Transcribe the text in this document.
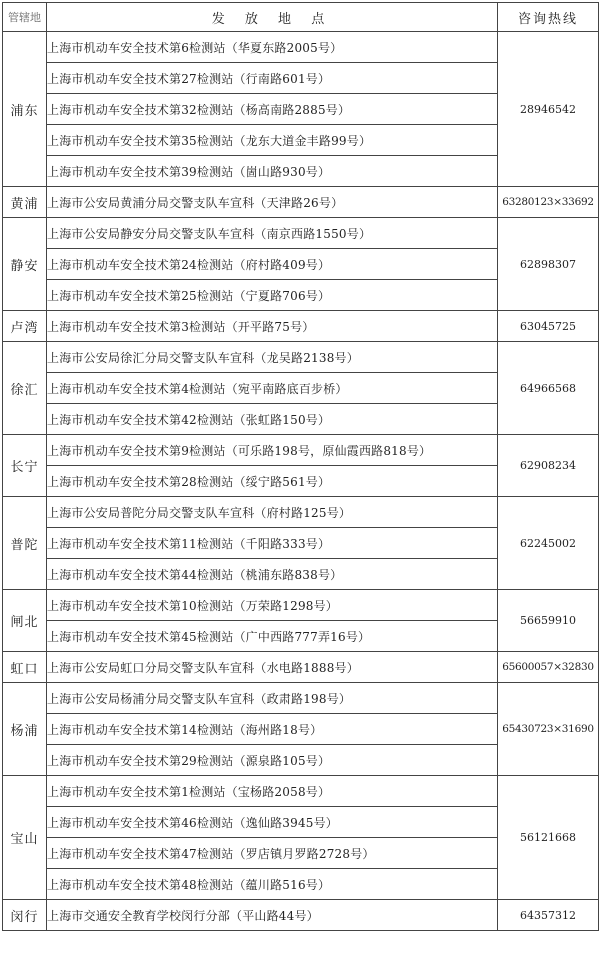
管辖地	发 放 地 点	咨询热线
浦东	上海市机动车安全技术第6检测站（华夏东路2005号）	28946542
	上海市机动车安全技术第27检测站（行南路601号）	
	上海市机动车安全技术第32检测站（杨高南路2885号）	
	上海市机动车安全技术第35检测站（龙东大道金丰路99号）	
	上海市机动车安全技术第39检测站（崮山路930号）	
黄浦	上海市公安局黄浦分局交警支队车宣科（天津路26号）	63280123×33692
静安	上海市公安局静安分局交警支队车宣科（南京西路1550号）	62898307
	上海市机动车安全技术第24检测站（府村路409号）	
	上海市机动车安全技术第25检测站（宁夏路706号）	
卢湾	上海市机动车安全技术第3检测站（开平路75号）	63045725
徐汇	上海市公安局徐汇分局交警支队车宣科（龙吴路2138号）	64966568
	上海市机动车安全技术第4检测站（宛平南路底百步桥）	
	上海市机动车安全技术第42检测站（张虹路150号）	
长宁	上海市机动车安全技术第9检测站（可乐路198号，原仙霞西路818号）	62908234
	上海市机动车安全技术第28检测站（绥宁路561号）	
普陀	上海市公安局普陀分局交警支队车宣科（府村路125号）	62245002
	上海市机动车安全技术第11检测站（千阳路333号）	
	上海市机动车安全技术第44检测站（桃浦东路838号）	
闸北	上海市机动车安全技术第10检测站（万荣路1298号）	56659910
	上海市机动车安全技术第45检测站（广中西路777弄16号）	
虹口	上海市公安局虹口分局交警支队车宣科（水电路1888号）	65600057×32830
杨浦	上海市公安局杨浦分局交警支队车宣科（政肃路198号）	65430723×31690
	上海市机动车安全技术第14检测站（海州路18号）	
	上海市机动车安全技术第29检测站（源泉路105号）	
宝山	上海市机动车安全技术第1检测站（宝杨路2058号）	56121668
	上海市机动车安全技术第46检测站（逸仙路3945号）	
	上海市机动车安全技术第47检测站（罗店镇月罗路2728号）	
	上海市机动车安全技术第48检测站（蕴川路516号）	
闵行	上海市交通安全教育学校闵行分部（平山路44号）	64357312
